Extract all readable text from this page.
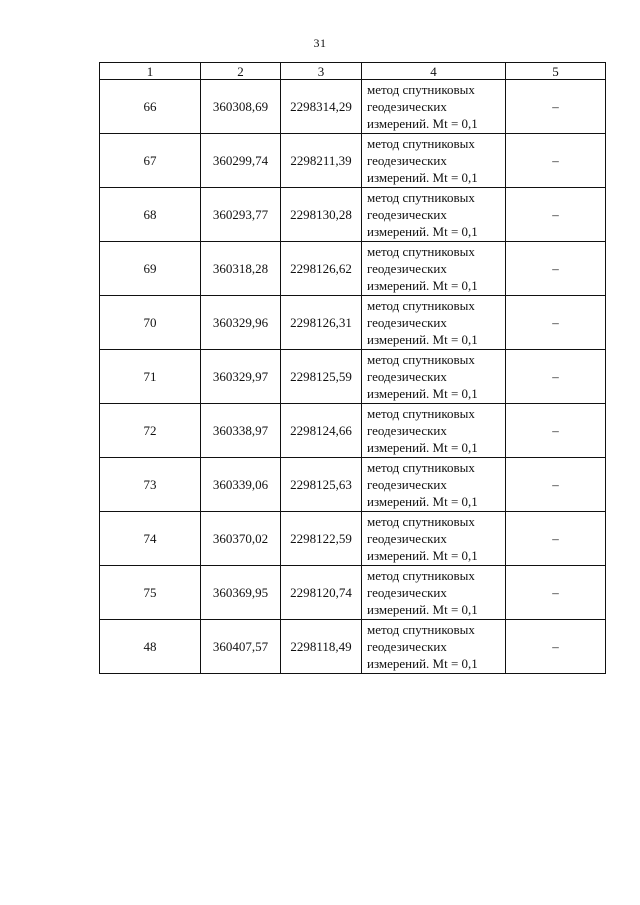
31
1	2	3	4	5
66	360308,69	2298314,29	метод спутниковых
геодезических
измерений. Mt = 0,1	–
67	360299,74	2298211,39	метод спутниковых
геодезических
измерений. Mt = 0,1	–
68	360293,77	2298130,28	метод спутниковых
геодезических
измерений. Mt = 0,1	–
69	360318,28	2298126,62	метод спутниковых
геодезических
измерений. Mt = 0,1	–
70	360329,96	2298126,31	метод спутниковых
геодезических
измерений. Mt = 0,1	–
71	360329,97	2298125,59	метод спутниковых
геодезических
измерений. Mt = 0,1	–
72	360338,97	2298124,66	метод спутниковых
геодезических
измерений. Mt = 0,1	–
73	360339,06	2298125,63	метод спутниковых
геодезических
измерений. Mt = 0,1	–
74	360370,02	2298122,59	метод спутниковых
геодезических
измерений. Mt = 0,1	–
75	360369,95	2298120,74	метод спутниковых
геодезических
измерений. Mt = 0,1	–
48	360407,57	2298118,49	метод спутниковых
геодезических
измерений. Mt = 0,1	–
